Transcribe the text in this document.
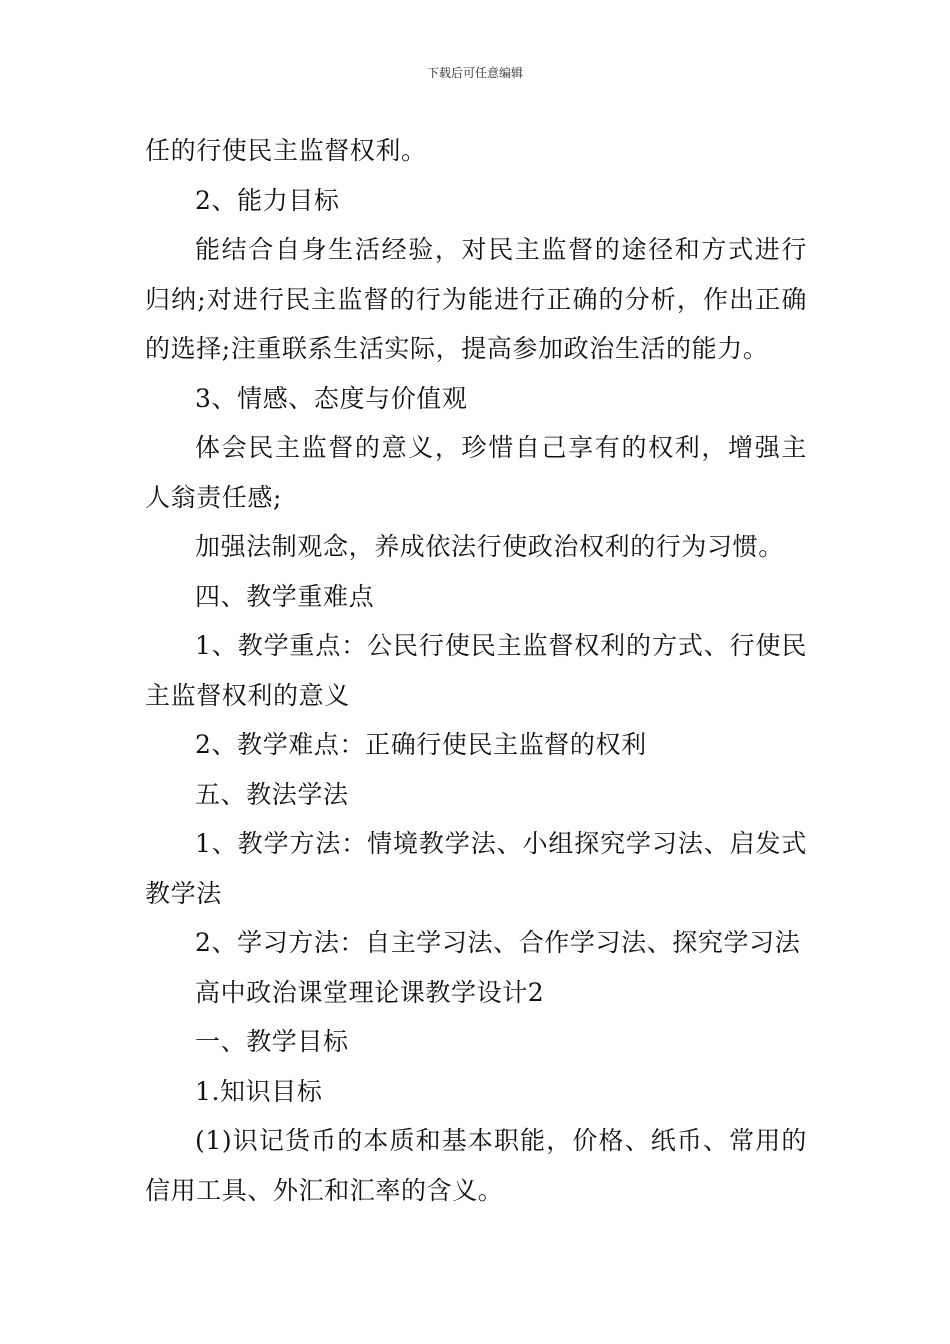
下载后可任意编辑

任的行使民主监督权利。

2、能力目标

能结合自身生活经验，对民主监督的途径和方式进行归纳;对进行民主监督的行为能进行正确的分析，作出正确的选择;注重联系生活实际，提高参加政治生活的能力。

3、情感、态度与价值观

体会民主监督的意义，珍惜自己享有的权利，增强主人翁责任感;

加强法制观念，养成依法行使政治权利的行为习惯。

四、教学重难点

1、教学重点：公民行使民主监督权利的方式、行使民主监督权利的意义

2、教学难点：正确行使民主监督的权利

五、教法学法

1、教学方法：情境教学法、小组探究学习法、启发式教学法

2、学习方法：自主学习法、合作学习法、探究学习法

高中政治课堂理论课教学设计2

一、教学目标

1.知识目标

(1)识记货币的本质和基本职能，价格、纸币、常用的信用工具、外汇和汇率的含义。
